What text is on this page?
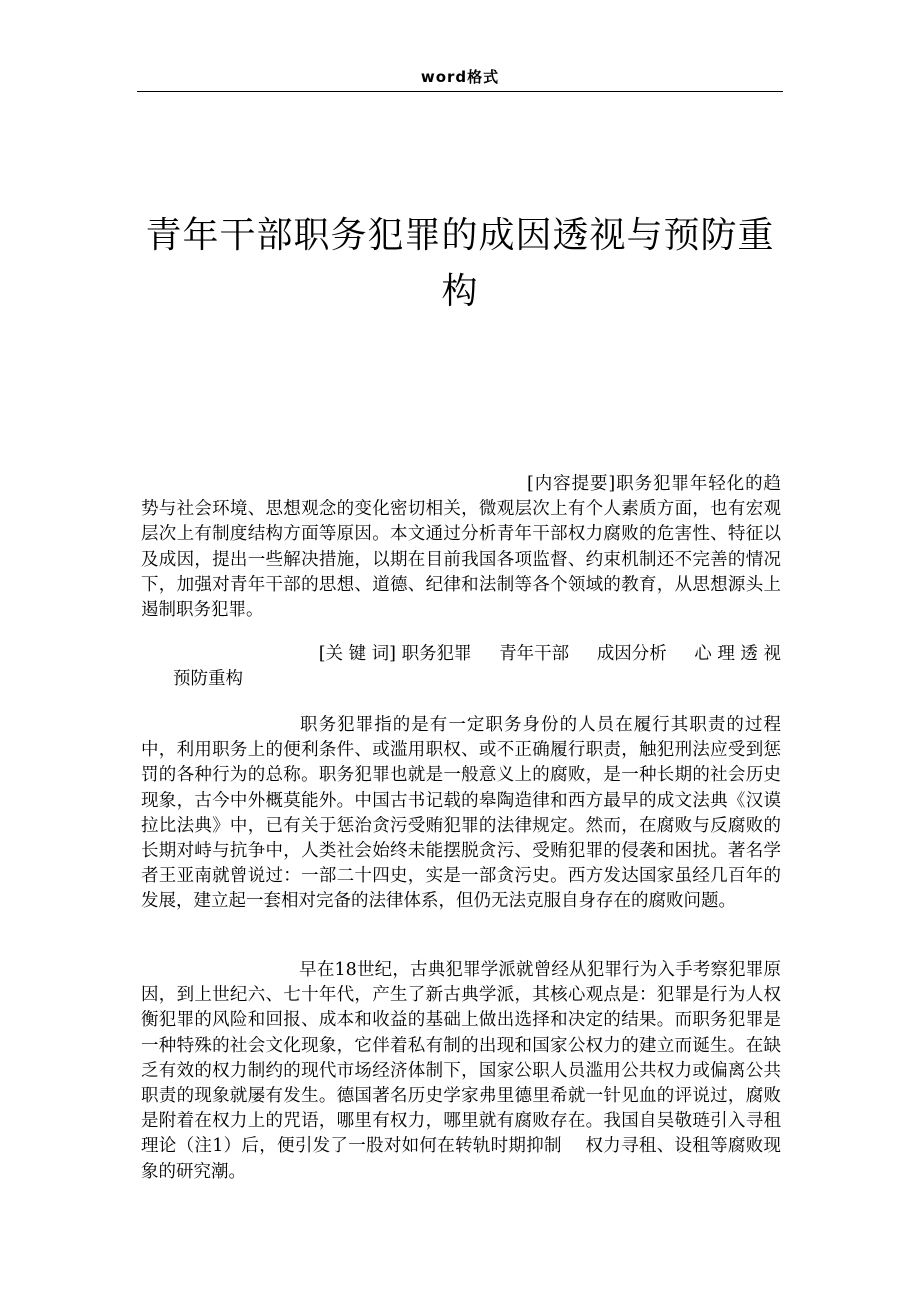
word格式
青年干部职务犯罪的成因透视与预防重
构
[内容提要]职务犯罪年轻化的趋势与社会环境、思想观念的变化密切相关，微观层次上有个人素质方面，也有宏观层次上有制度结构方面等原因。本文通过分析青年干部权力腐败的危害性、特征以及成因，提出一些解决措施，以期在目前我国各项监督、约束机制还不完善的情况下，加强对青年干部的思想、道德、纪律和法制等各个领域的教育，从思想源头上遏制职务犯罪。
[关 键 词] 职务犯罪 青年干部 成因分析 心 理 透 视
预防重构
职务犯罪指的是有一定职务身份的人员在履行其职责的过程中，利用职务上的便利条件、或滥用职权、或不正确履行职责，触犯刑法应受到惩罚的各种行为的总称。职务犯罪也就是一般意义上的腐败，是一种长期的社会历史现象，古今中外概莫能外。中国古书记载的皋陶造律和西方最早的成文法典《汉谟拉比法典》中，已有关于惩治贪污受贿犯罪的法律规定。然而，在腐败与反腐败的长期对峙与抗争中，人类社会始终未能摆脱贪污、受贿犯罪的侵袭和困扰。著名学者王亚南就曾说过：一部二十四史，实是一部贪污史。西方发达国家虽经几百年的发展，建立起一套相对完备的法律体系，但仍无法克服自身存在的腐败问题。
早在18世纪，古典犯罪学派就曾经从犯罪行为入手考察犯罪原因，到上世纪六、七十年代，产生了新古典学派，其核心观点是：犯罪是行为人权衡犯罪的风险和回报、成本和收益的基础上做出选择和决定的结果。而职务犯罪是一种特殊的社会文化现象，它伴着私有制的出现和国家公权力的建立而诞生。在缺乏有效的权力制约的现代市场经济体制下，国家公职人员滥用公共权力或偏离公共职责的现象就屡有发生。德国著名历史学家弗里德里希就一针见血的评说过，腐败是附着在权力上的咒语，哪里有权力，哪里就有腐败存在。我国自吴敬琏引入寻租理论（注1）后，便引发了一股对如何在转轨时期抑制　 权力寻租、设租等腐败现象的研究潮。
